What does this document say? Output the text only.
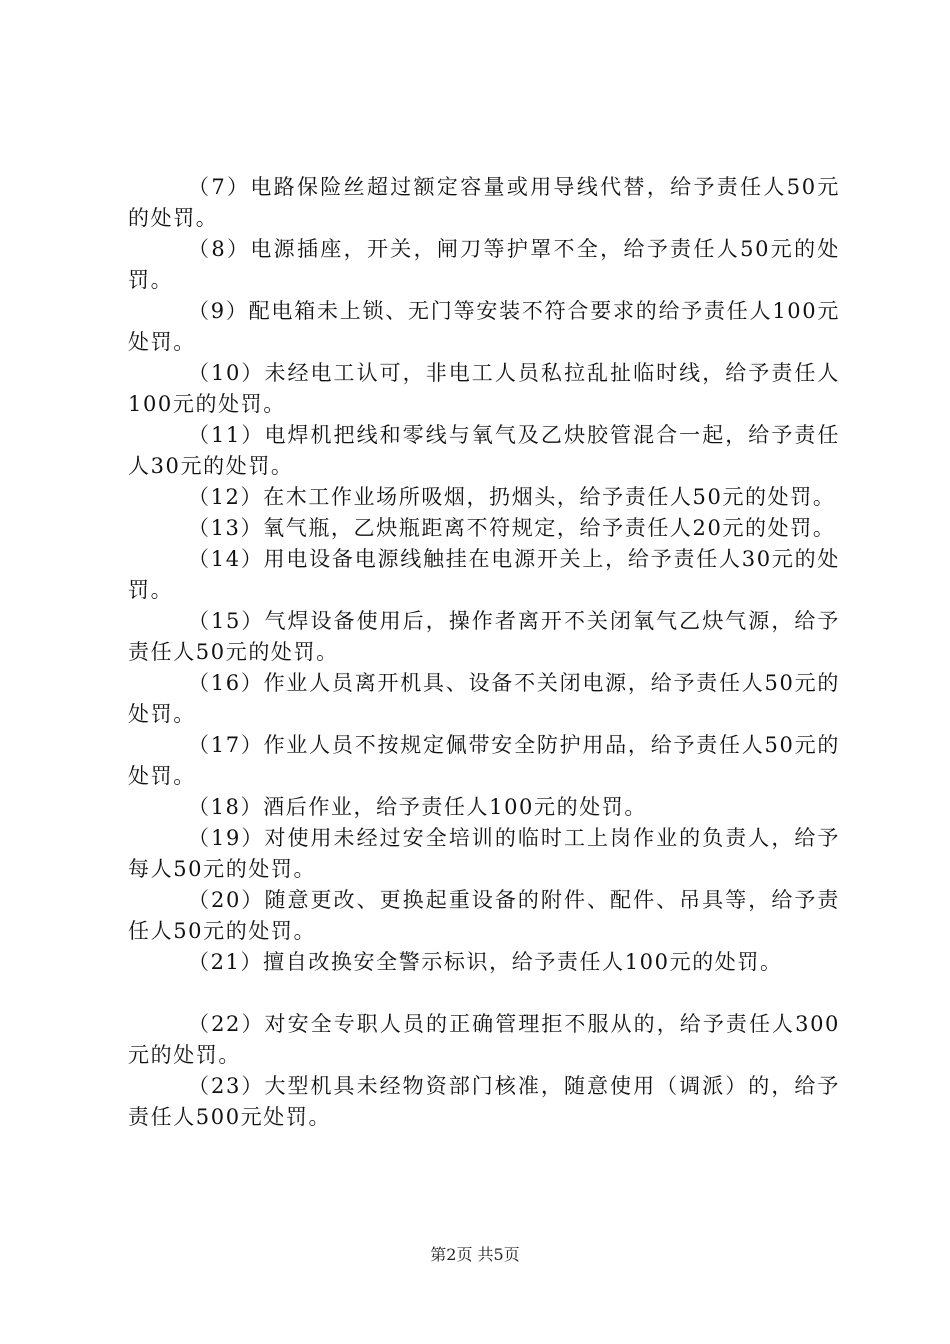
（7）电路保险丝超过额定容量或用导线代替，给予责任人50元的处罚。

（8）电源插座，开关，闸刀等护罩不全，给予责任人50元的处罚。

（9）配电箱未上锁、无门等安装不符合要求的给予责任人100元处罚。

（10）未经电工认可，非电工人员私拉乱扯临时线，给予责任人100元的处罚。

（11）电焊机把线和零线与氧气及乙炔胶管混合一起，给予责任人30元的处罚。

（12）在木工作业场所吸烟，扔烟头，给予责任人50元的处罚。

（13）氧气瓶，乙炔瓶距离不符规定，给予责任人20元的处罚。

（14）用电设备电源线触挂在电源开关上，给予责任人30元的处罚。

（15）气焊设备使用后，操作者离开不关闭氧气乙炔气源，给予责任人50元的处罚。

（16）作业人员离开机具、设备不关闭电源，给予责任人50元的处罚。

（17）作业人员不按规定佩带安全防护用品，给予责任人50元的处罚。

（18）酒后作业，给予责任人100元的处罚。

（19）对使用未经过安全培训的临时工上岗作业的负责人，给予每人50元的处罚。

（20）随意更改、更换起重设备的附件、配件、吊具等，给予责任人50元的处罚。

（21）擅自改换安全警示标识，给予责任人100元的处罚。

（22）对安全专职人员的正确管理拒不服从的，给予责任人300元的处罚。

（23）大型机具未经物资部门核准，随意使用（调派）的，给予责任人500元处罚。

第2页 共5页
